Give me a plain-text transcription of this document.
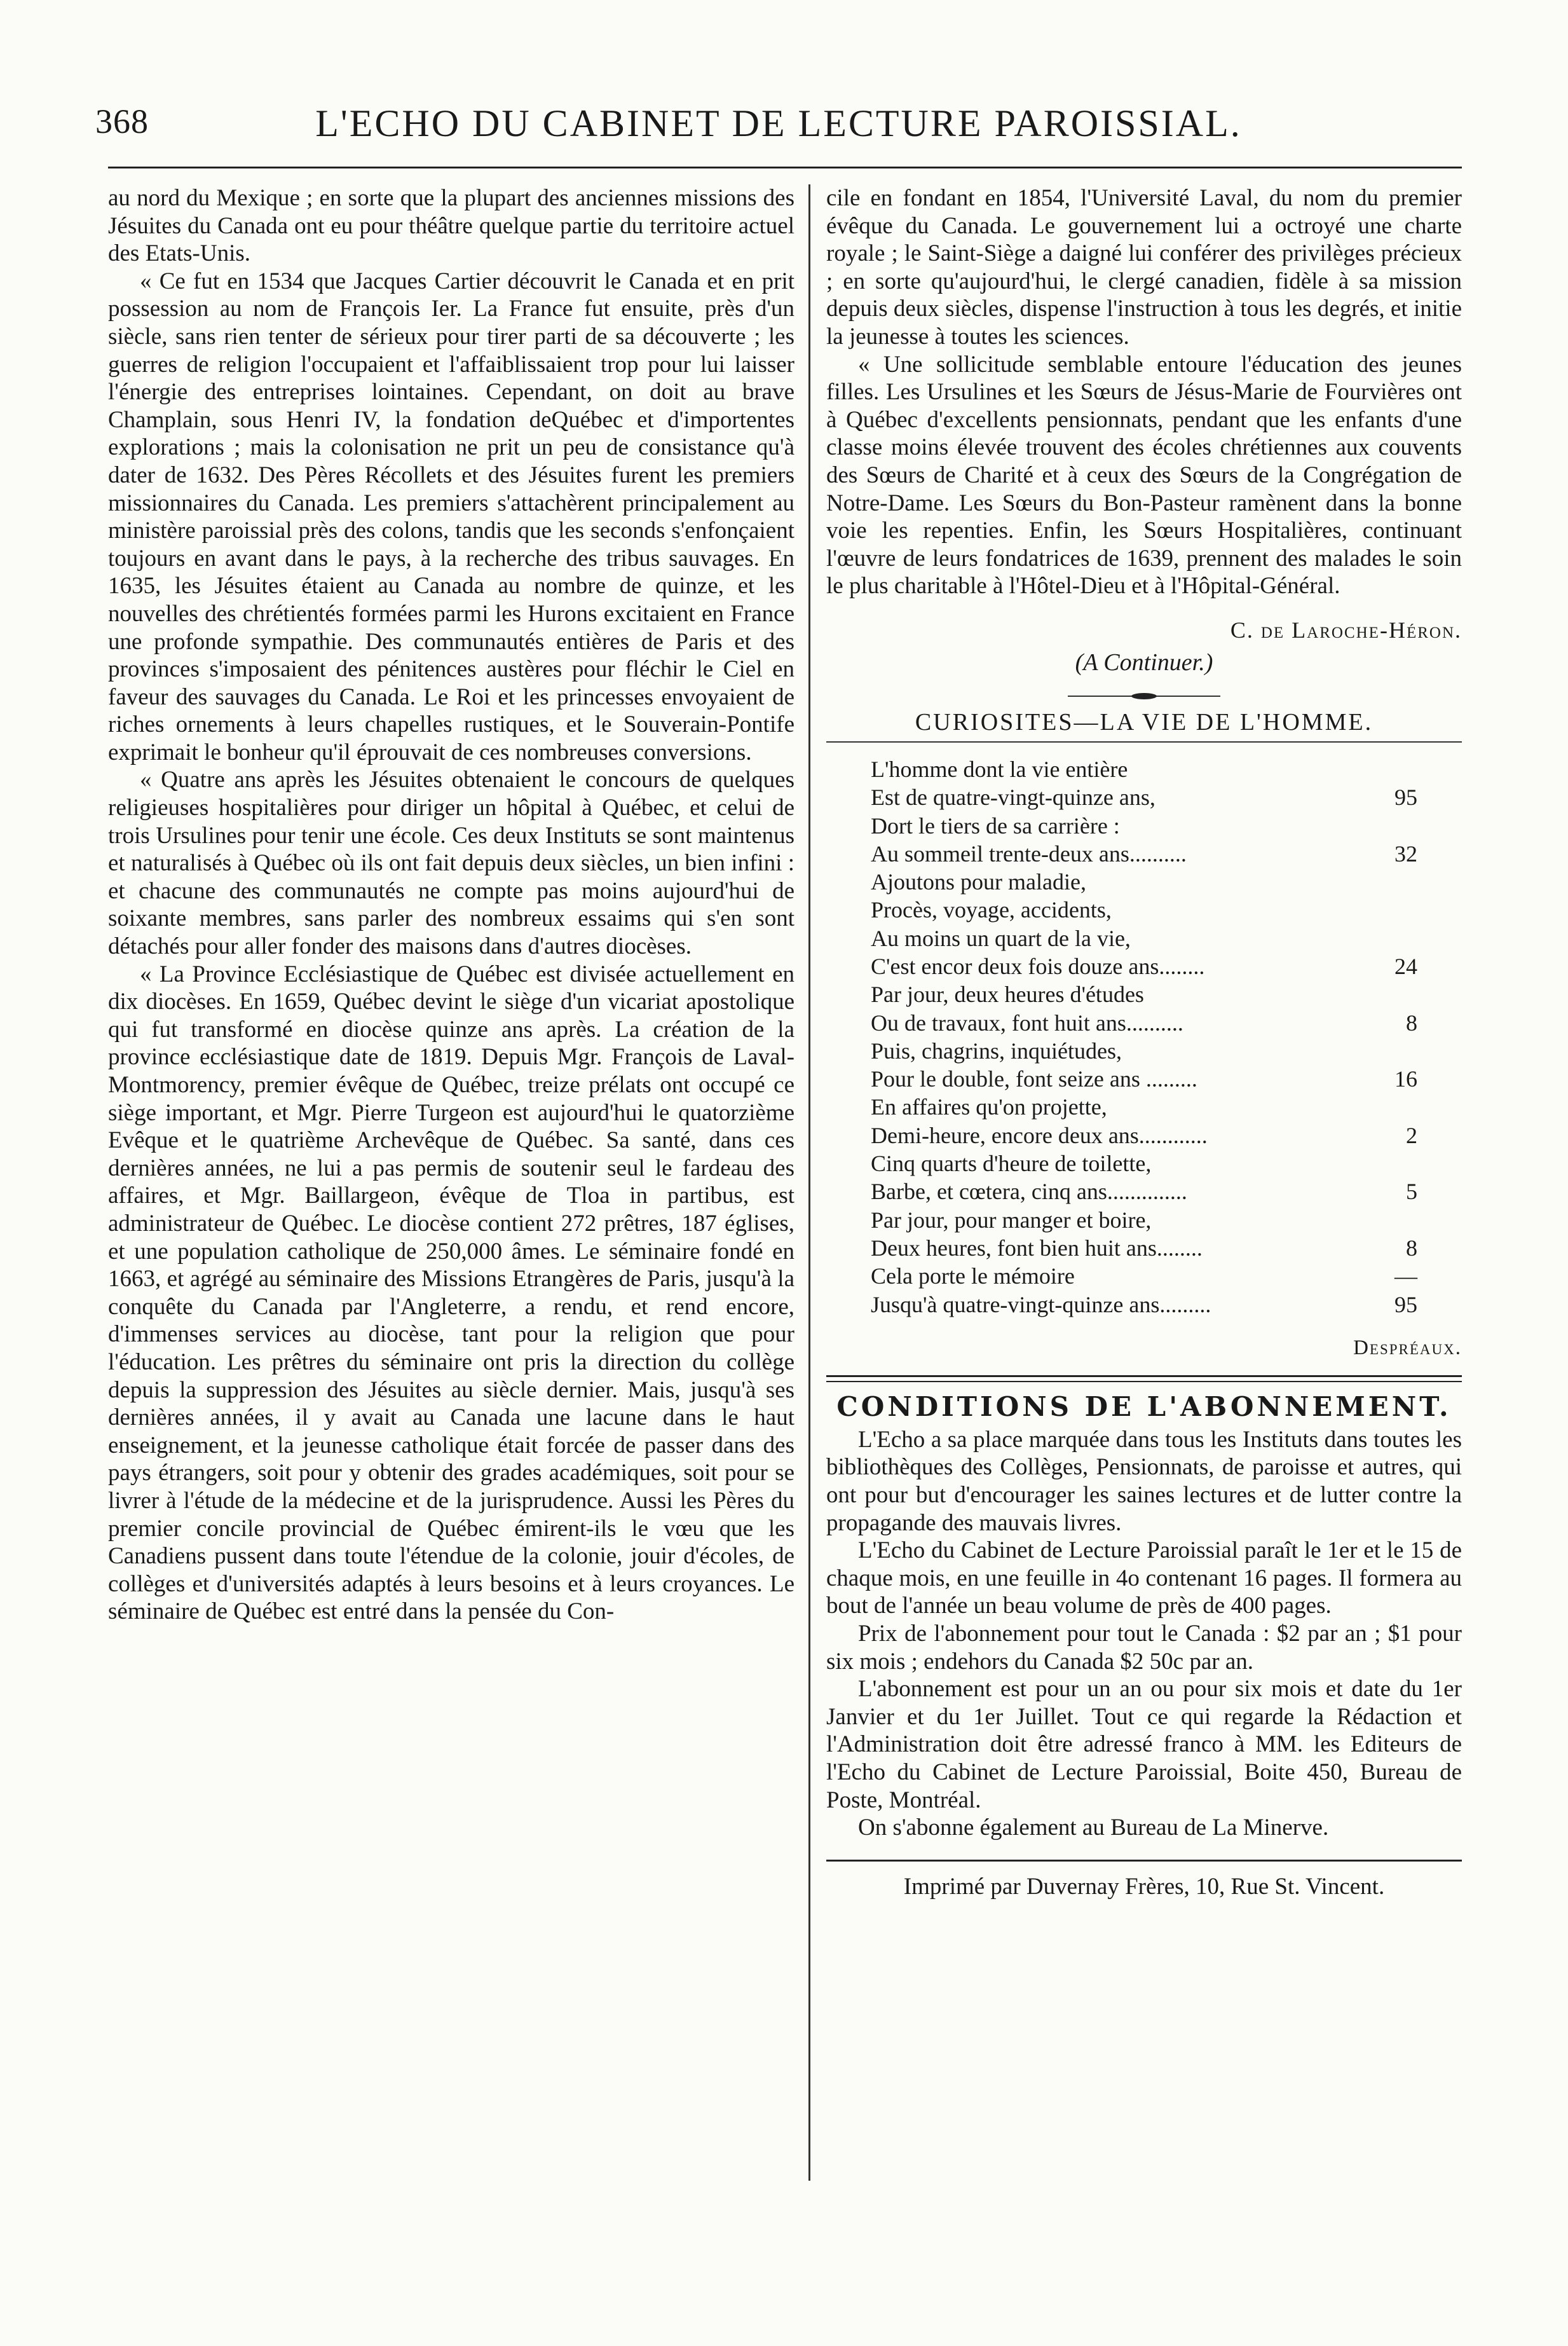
368	L'ECHO DU CABINET DE LECTURE PAROISSIAL.

au nord du Mexique ; en sorte que la plupart des anciennes missions des Jésuites du Canada ont eu pour théâtre quelque partie du territoire actuel des Etats-Unis.

« Ce fut en 1534 que Jacques Cartier découvrit le Canada et en prit possession au nom de François Ier. La France fut ensuite, près d'un siècle, sans rien tenter de sérieux pour tirer parti de sa découverte ; les guerres de religion l'occupaient et l'affaiblissaient trop pour lui laisser l'énergie des entreprises lointaines. Cependant, on doit au brave Champlain, sous Henri IV, la fondation deQuébec et d'importentes explorations ; mais la colonisation ne prit un peu de consistance qu'à dater de 1632. Des Pères Récollets et des Jésuites furent les premiers missionnaires du Canada. Les premiers s'attachèrent principalement au ministère paroissial près des colons, tandis que les seconds s'enfonçaient toujours en avant dans le pays, à la recherche des tribus sauvages. En 1635, les Jésuites étaient au Canada au nombre de quinze, et les nouvelles des chrétientés formées parmi les Hurons excitaient en France une profonde sympathie. Des communautés entières de Paris et des provinces s'imposaient des pénitences austères pour fléchir le Ciel en faveur des sauvages du Canada. Le Roi et les princesses envoyaient de riches ornements à leurs chapelles rustiques, et le Souverain-Pontife exprimait le bonheur qu'il éprouvait de ces nombreuses conversions.

« Quatre ans après les Jésuites obtenaient le concours de quelques religieuses hospitalières pour diriger un hôpital à Québec, et celui de trois Ursulines pour tenir une école. Ces deux Instituts se sont maintenus et naturalisés à Québec où ils ont fait depuis deux siècles, un bien infini : et chacune des communautés ne compte pas moins aujourd'hui de soixante membres, sans parler des nombreux essaims qui s'en sont détachés pour aller fonder des maisons dans d'autres diocèses.

« La Province Ecclésiastique de Québec est divisée actuellement en dix diocèses. En 1659, Québec devint le siège d'un vicariat apostolique qui fut transformé en diocèse quinze ans après. La création de la province ecclésiastique date de 1819. Depuis Mgr. François de Laval-Montmorency, premier évêque de Québec, treize prélats ont occupé ce siège important, et Mgr. Pierre Turgeon est aujourd'hui le quatorzième Evêque et le quatrième Archevêque de Québec. Sa santé, dans ces dernières années, ne lui a pas permis de soutenir seul le fardeau des affaires, et Mgr. Baillargeon, évêque de Tloa in partibus, est administrateur de Québec. Le diocèse contient 272 prêtres, 187 églises, et une population catholique de 250,000 âmes. Le séminaire fondé en 1663, et agrégé au séminaire des Missions Etrangères de Paris, jusqu'à la conquête du Canada par l'Angleterre, a rendu, et rend encore, d'immenses services au diocèse, tant pour la religion que pour l'éducation. Les prêtres du séminaire ont pris la direction du collège depuis la suppression des Jésuites au siècle dernier. Mais, jusqu'à ses dernières années, il y avait au Canada une lacune dans le haut enseignement, et la jeunesse catholique était forcée de passer dans des pays étrangers, soit pour y obtenir des grades académiques, soit pour se livrer à l'étude de la médecine et de la jurisprudence. Aussi les Pères du premier concile provincial de Québec émirent-ils le vœu que les Canadiens pussent dans toute l'étendue de la colonie, jouir d'écoles, de collèges et d'universités adaptés à leurs besoins et à leurs croyances. Le séminaire de Québec est entré dans la pensée du Con-

cile en fondant en 1854, l'Université Laval, du nom du premier évêque du Canada. Le gouvernement lui a octroyé une charte royale ; le Saint-Siège a daigné lui conférer des privilèges précieux ; en sorte qu'aujourd'hui, le clergé canadien, fidèle à sa mission depuis deux siècles, dispense l'instruction à tous les degrés, et initie la jeunesse à toutes les sciences.

« Une sollicitude semblable entoure l'éducation des jeunes filles. Les Ursulines et les Sœurs de Jésus-Marie de Fourvières ont à Québec d'excellents pensionnats, pendant que les enfants d'une classe moins élevée trouvent des écoles chrétiennes aux couvents des Sœurs de Charité et à ceux des Sœurs de la Congrégation de Notre-Dame. Les Sœurs du Bon-Pasteur ramènent dans la bonne voie les repenties. Enfin, les Sœurs Hospitalières, continuant l'œuvre de leurs fondatrices de 1639, prennent des malades le soin le plus charitable à l'Hôtel-Dieu et à l'Hôpital-Général.

C. de Laroche-Héron.
(A Continuer.)
CURIOSITES—LA VIE DE L'HOMME.
L'homme dont la vie entière
Est de quatre-vingt-quinze ans,	95
Dort le tiers de sa carrière :
Au sommeil trente-deux ans..........	32
Ajoutons pour maladie,
Procès, voyage, accidents,
Au moins un quart de la vie,
C'est encor deux fois douze ans........	24
Par jour, deux heures d'études
Ou de travaux, font huit ans..........	8
Puis, chagrins, inquiétudes,
Pour le double, font seize ans .........	16
En affaires qu'on projette,
Demi-heure, encore deux ans............	2
Cinq quarts d'heure de toilette,
Barbe, et cœtera, cinq ans..............	5
Par jour, pour manger et boire,
Deux heures, font bien huit ans........	8
Cela porte le mémoire	—
Jusqu'à quatre-vingt-quinze ans.........	95
Despréaux.
CONDITIONS DE L'ABONNEMENT.

L'Echo a sa place marquée dans tous les Instituts dans toutes les bibliothèques des Collèges, Pensionnats, de paroisse et autres, qui ont pour but d'encourager les saines lectures et de lutter contre la propagande des mauvais livres.

L'Echo du Cabinet de Lecture Paroissial paraît le 1er et le 15 de chaque mois, en une feuille in 4o contenant 16 pages. Il formera au bout de l'année un beau volume de près de 400 pages.

Prix de l'abonnement pour tout le Canada : $2 par an ; $1 pour six mois ; endehors du Canada $2 50c par an.

L'abonnement est pour un an ou pour six mois et date du 1er Janvier et du 1er Juillet. Tout ce qui regarde la Rédaction et l'Administration doit être adressé franco à MM. les Editeurs de l'Echo du Cabinet de Lecture Paroissial, Boite 450, Bureau de Poste, Montréal.

On s'abonne également au Bureau de La Minerve.

Imprimé par Duvernay Frères, 10, Rue St. Vincent.
